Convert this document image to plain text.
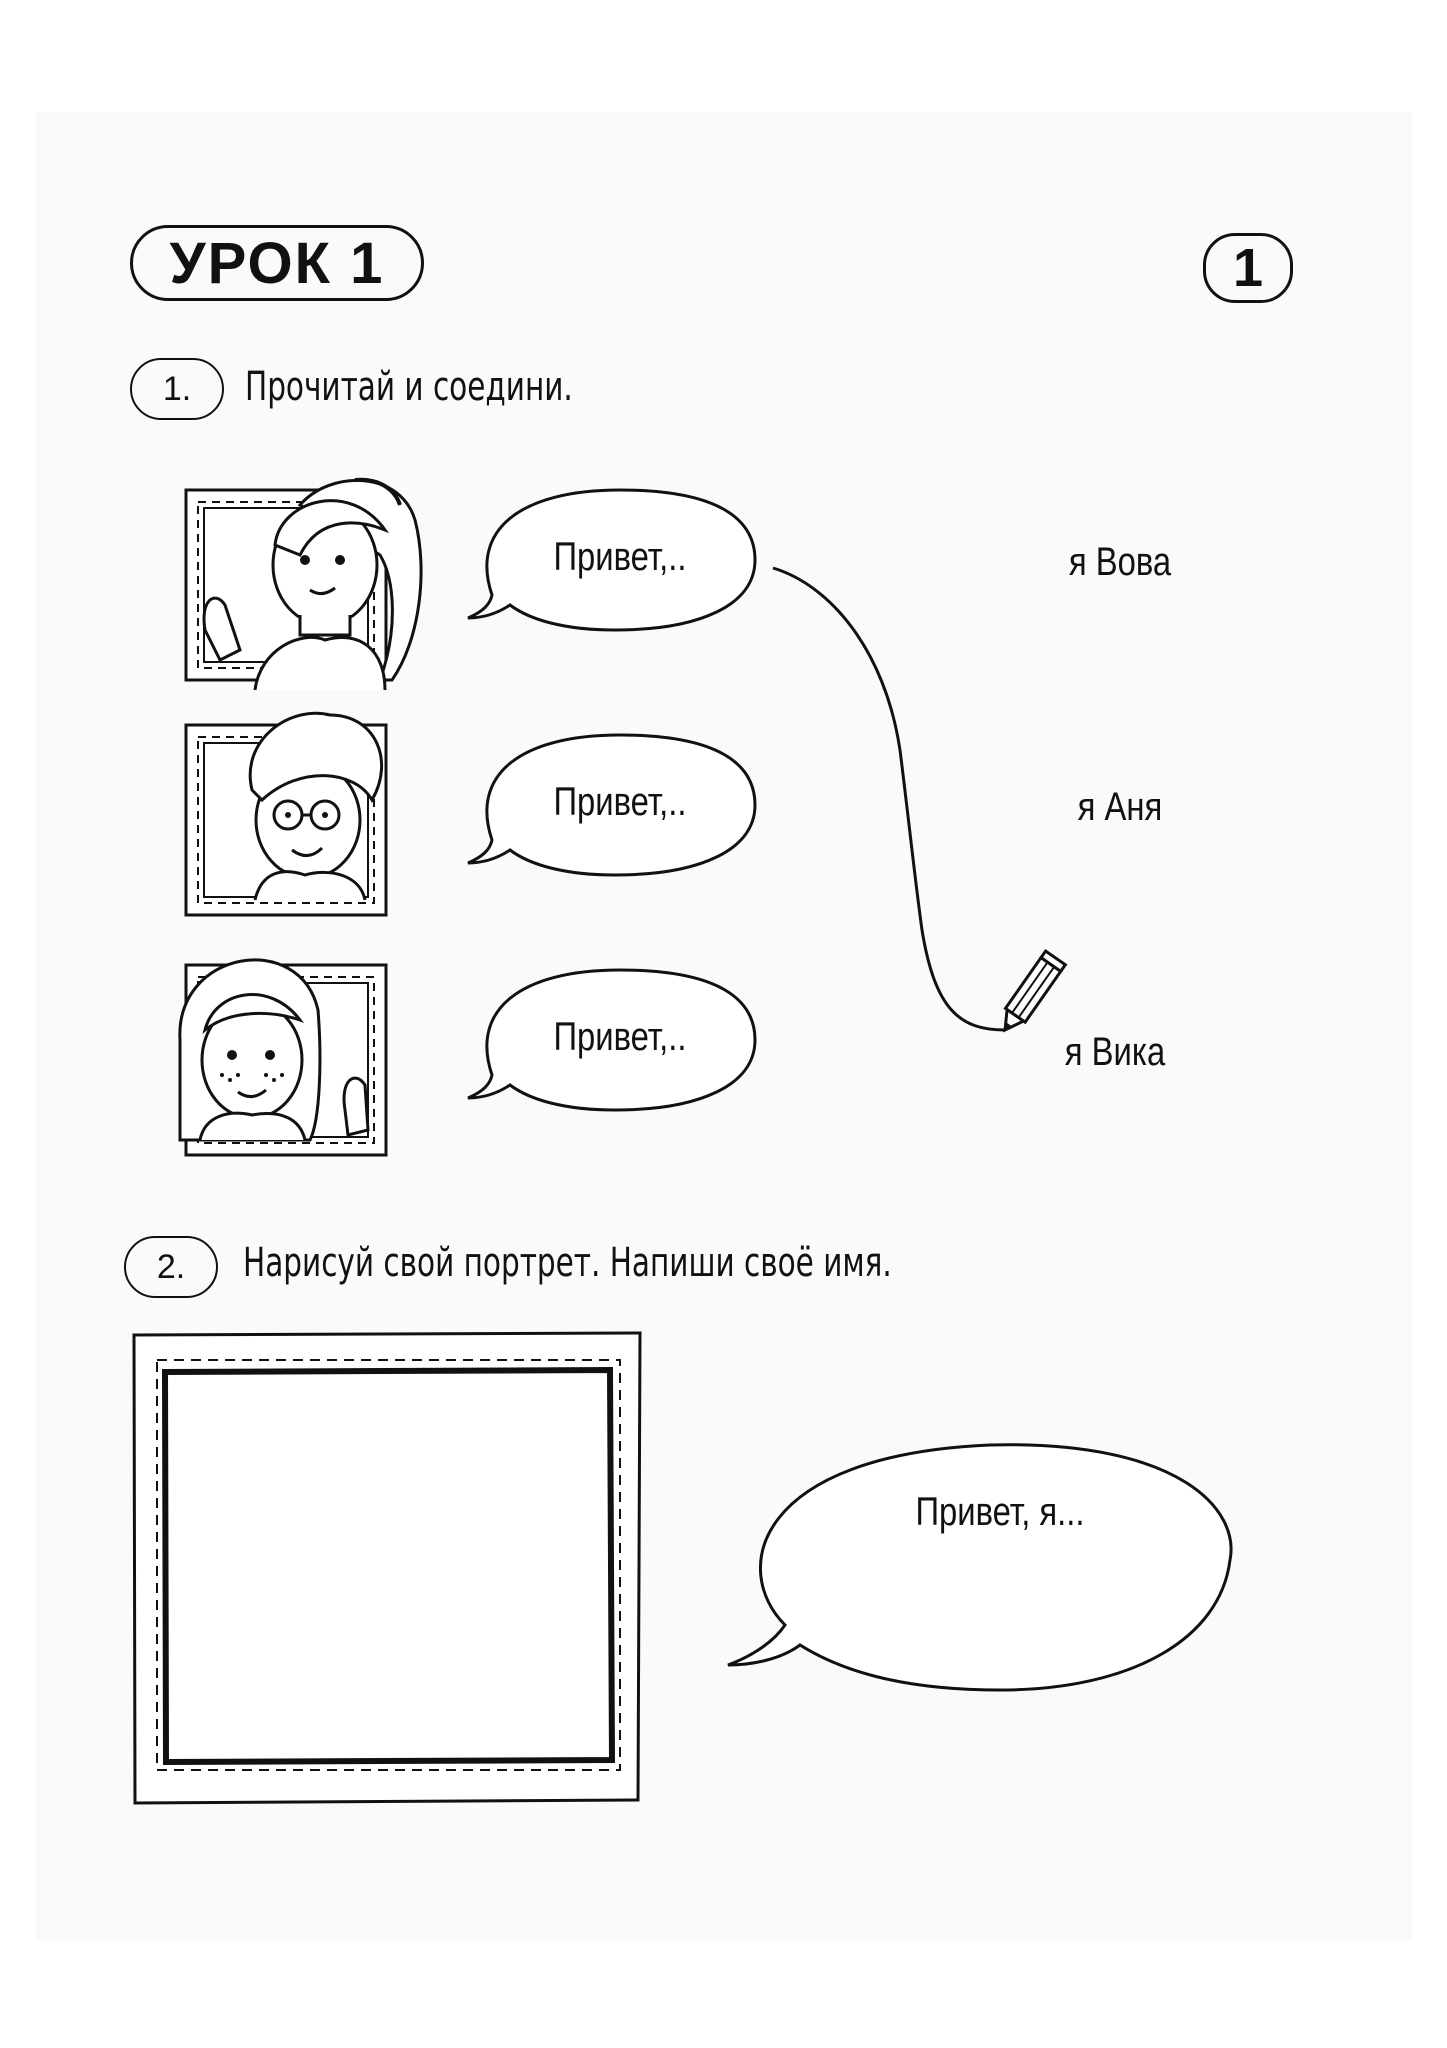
УРОК 1	1
1.	Прочитай и соедини.
Привет,..
Привет,..
Привет,..
я Вова
я Аня
я Вика
2.	Нарисуй свой портрет. Напиши своё имя.
Привет, я...
